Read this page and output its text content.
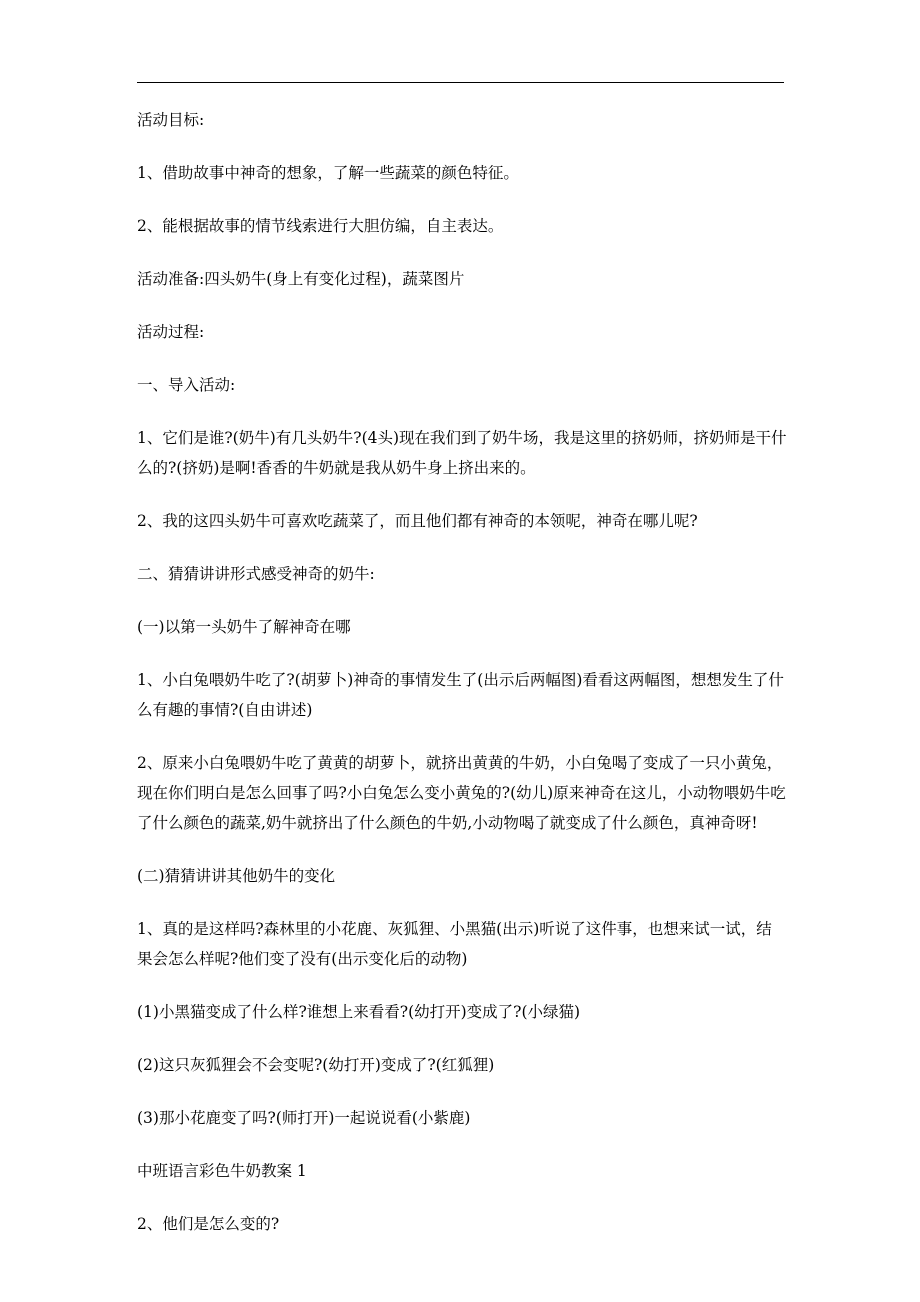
活动目标:

1、借助故事中神奇的想象，了解一些蔬菜的颜色特征。

2、能根据故事的情节线索进行大胆仿编，自主表达。

活动准备:四头奶牛(身上有变化过程)，蔬菜图片

活动过程:

一、导入活动:

1、它们是谁?(奶牛)有几头奶牛?(4头)现在我们到了奶牛场，我是这里的挤奶师，挤奶师是干什么的?(挤奶)是啊!香香的牛奶就是我从奶牛身上挤出来的。

2、我的这四头奶牛可喜欢吃蔬菜了，而且他们都有神奇的本领呢，神奇在哪儿呢?

二、猜猜讲讲形式感受神奇的奶牛:

(一)以第一头奶牛了解神奇在哪

1、小白兔喂奶牛吃了?(胡萝卜)神奇的事情发生了(出示后两幅图)看看这两幅图，想想发生了什么有趣的事情?(自由讲述)

2、原来小白兔喂奶牛吃了黄黄的胡萝卜，就挤出黄黄的牛奶，小白兔喝了变成了一只小黄兔，现在你们明白是怎么回事了吗?小白兔怎么变小黄兔的?(幼儿)原来神奇在这儿，小动物喂奶牛吃了什么颜色的蔬菜,奶牛就挤出了什么颜色的牛奶,小动物喝了就变成了什么颜色，真神奇呀!

(二)猜猜讲讲其他奶牛的变化

1、真的是这样吗?森林里的小花鹿、灰狐狸、小黑猫(出示)听说了这件事，也想来试一试，结果会怎么样呢?他们变了没有(出示变化后的动物)

(1)小黑猫变成了什么样?谁想上来看看?(幼打开)变成了?(小绿猫)

(2)这只灰狐狸会不会变呢?(幼打开)变成了?(红狐狸)

(3)那小花鹿变了吗?(师打开)一起说说看(小紫鹿)

中班语言彩色牛奶教案 1

2、他们是怎么变的?
